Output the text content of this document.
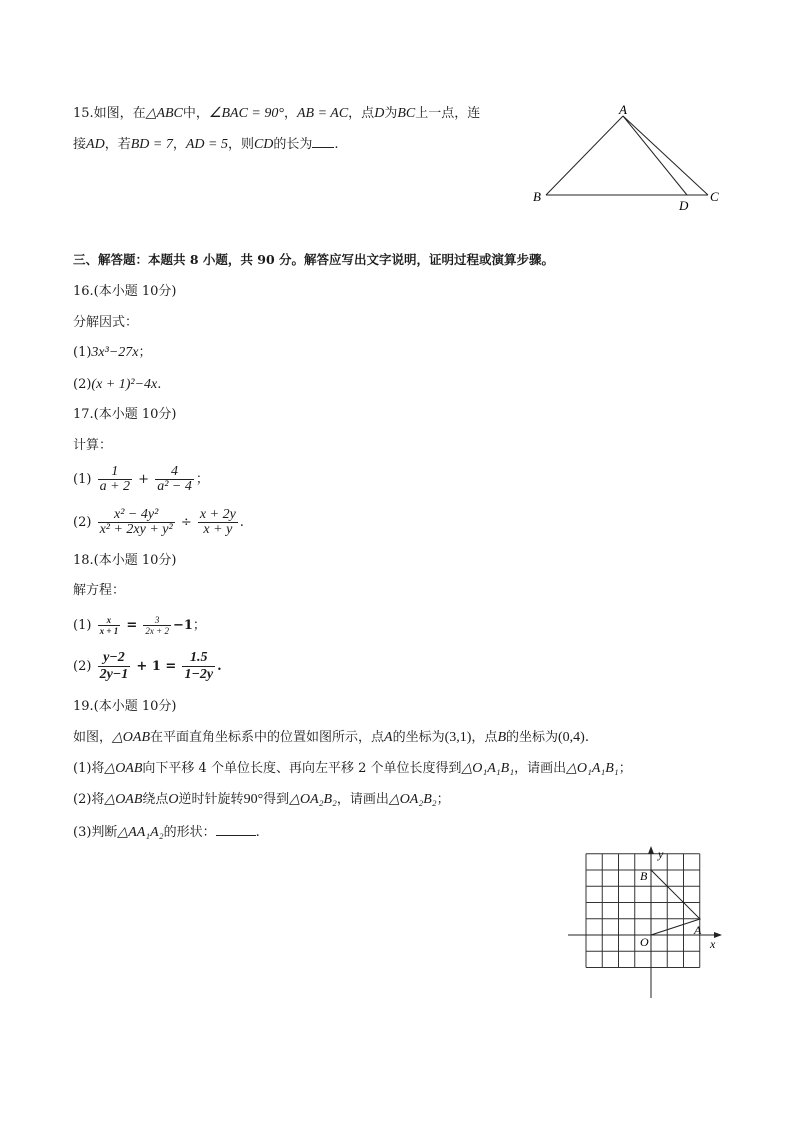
15.如图，在△ABC中，∠BAC = 90°，AB = AC，点D为BC上一点，连
接AD，若BD = 7，AD = 5，则CD的长为 .
A
B	C
D
三、解答题：本题共 8 小题，共 90 分。解答应写出文字说明，证明过程或演算步骤。
16.(本小题 10分)
分解因式：
(1)3x³−27x；
(2)(x + 1)²−4x.
17.(本小题 10分)
计算：
$(1) \frac{1}{a + 2} + \frac{4}{\text{a² − 4}}$ ；
$(2) \frac{\text{x² − 4y²}}{\text{x² + 2xy + y²}} \div \frac{x + 2y}{x + y}$ .
18.(本小题 10分)
解方程：
$(1) \frac{x}{x + 1} = \frac{3}{2x + 2} -1$；
$(2) \frac{y-2}{2y-1} + 1 = \frac{1.5}{1-2y}$ .
19.(本小题 10分)
如图，△OAB在平面直角坐标系中的位置如图所示，点A的坐标为(3,1)，点B的坐标为(0,4).
(1)将△OAB向下平移 4 个单位长度、再向左平移 2 个单位长度得到△O₁A₁B₁，请画出△O₁A₁B₁；
(2)将△OAB绕点O逆时针旋转90°得到△OA₂B₂，请画出△OA₂B₂；
(3)判断△AA₁A₂的形状：	.
y
x
O
A
B
